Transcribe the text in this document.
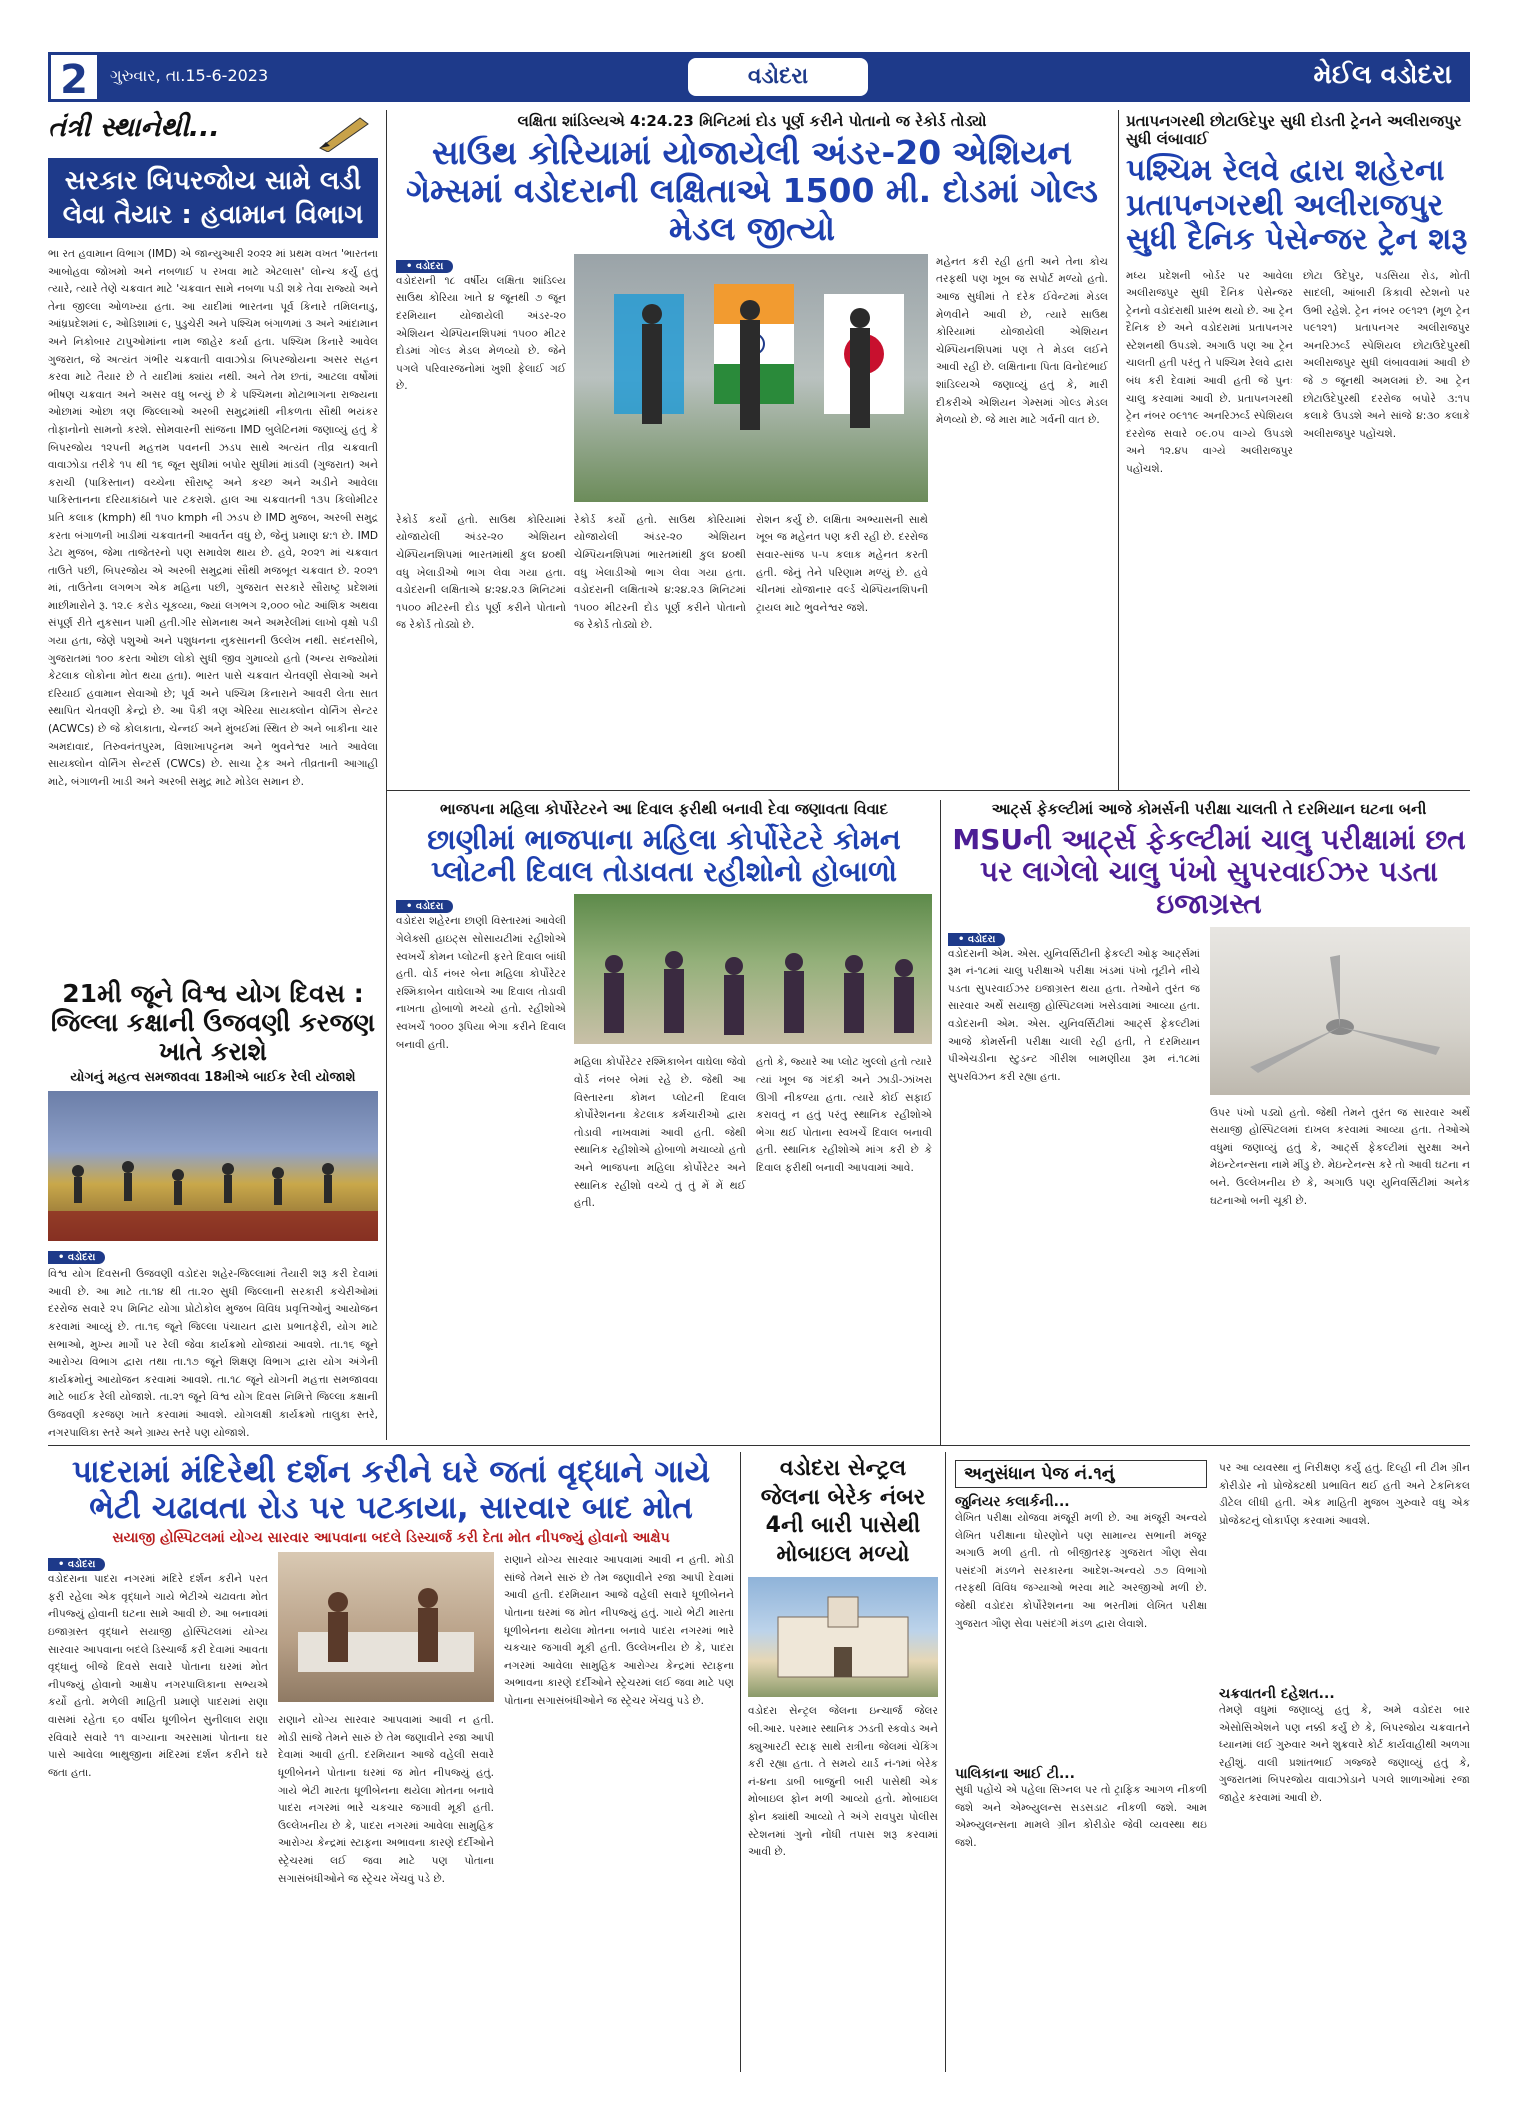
2	ગુરુવાર, તા.15-6-2023	વડોદરા	મેઈલ વડોદરા
તંત્રી સ્થાનેથી...
સરકાર બિપરજોય સામે લડી લેવા તૈયાર : હવામાન વિભાગ
ભા રત હવામાન વિભાગ (IMD) એ જાન્યુઆરી ૨૦૨૨ માં પ્રથમ વખત 'ભારતના આબોહવા જોખમો અને નબળાઈ ૫ રખવા માટે એટલાસ' લોન્ચ કર્યું હતું ત્યારે, ત્યારે તેણે ચક્રવાત માટે 'ચક્રવાત સામે નબળા પડી શકે તેવા રાજ્યો અને તેના જીલ્લા ઓળખ્યા હતા. આ યાદીમાં ભારતના પૂર્વ કિનારે તમિલનાડુ, આંધ્રપ્રદેશમાં ૯, ઓડિશામાં ૯, પુડુચેરી અને પશ્ચિમ બંગાળમાં ૩ અને આંદામાન અને નિકોબાર ટાપુઓમાંના નામ જાહેર કર્યા હતા. પશ્ચિમ કિનારે આવેલ ગુજરાત, જે અત્યંત ગંભીર ચક્રવાતી વાવાઝોડા બિપરજોયના અસર સહન કરવા માટે તૈયાર છે તે યાદીમાં ક્યાંય નથી. અને તેમ છતાં, આટલા વર્ષોમાં ભીષણ ચક્રવાત અને અસર વધુ બન્યું છે કે પશ્ચિમના મોટાભાગના રાજ્યના ઓછામાં ઓછા ત્રણ જિલ્લાઓ અરબી સમુદ્રમાંથી નીકળતા સૌથી ભયંકર તોફાનોનો સામનો કરશે. સોમવારની સાંજના IMD બુલેટિનમાં જણાવ્યું હતું કે બિપરજોય ૧૨૫ની મહત્તમ પવનની ઝડપ સાથે અત્યંત તીવ્ર ચક્રવાતી વાવાઝોડા તરીકે ૧૫ થી ૧૬ જૂન સુધીમાં બપોર સુધીમાં માંડવી (ગુજરાત) અને કરાચી (પાકિસ્તાન) વચ્ચેના સૌરાષ્ટ્ર અને કચ્છ અને અડીને આવેલા પાકિસ્તાનના દરિયાકાંઠાને પાર ટકરાશે. હાલ આ ચક્રવાતની ૧૩૫ કિલોમીટર પ્રતિ કલાક (kmph) થી ૧૫૦ kmph ની ઝડપ છે IMD મુજબ, અરબી સમુદ્ર કરતા બંગાળની ખાડીમાં ચક્રવાતની આવર્તન વધુ છે, જેનું પ્રમાણ ૪:૧ છે. IMD ડેટા મુજબ, જેમા તાજેતરનો પણ સમાવેશ થાય છે. હવે, ૨૦૨૧ માં ચક્રવાત તાઉતે પછી, બિપરજોય એ અરબી સમુદ્રમાં સૌથી મજબૂત ચક્રવાત છે. ૨૦૨૧ માં, તાઉતેના લગભગ એક મહિના પછી, ગુજરાત સરકારે સૌરાષ્ટ્ર પ્રદેશમાં માછીમારોને રૂ. ૧૨.૯ કરોડ ચૂકવ્યા, જ્યાં લગભગ ૨,૦૦૦ બોટ આંશિક અથવા સંપૂર્ણ રીતે નુકસાન પામી હતી.ગીર સોમનાથ અને અમરેલીમાં લાખો વૃક્ષો પડી ગયા હતા, જેણે પશુઓ અને પશુધનના નુકસાનની ઉલ્લેખ નથી. સદનસીબે, ગુજરાતમાં ૧૦૦ કરતા ઓછા લોકો સુધી જીવ ગુમાવ્યો હતો (અન્ય રાજ્યોમાં કેટલાક લોકોના મોત થયા હતા). ભારત પાસે ચક્રવાત ચેતવણી સેવાઓ અને દરિયાઈ હવામાન સેવાઓ છે; પૂર્વ અને પશ્ચિમ કિનારાને આવરી લેતા સાત સ્થાપિત ચેતવણી કેન્દ્રો છે. આ પૈકી ત્રણ એરિયા સાયક્લોન વોર્નિંગ સેન્ટર (ACWCs) છે જે કોલકાતા, ચેન્નઈ અને મુંબઈમાં સ્થિત છે અને બાકીના ચાર અમદાવાદ, તિરુવનંતપુરમ, વિશાખાપટ્ટનમ અને ભુવનેશ્વર ખાતે આવેલા સાયક્લોન વોર્નિંગ સેન્ટર્સ (CWCs) છે. સાચા ટ્રેક અને તીવ્રતાની આગાહી માટે, બંગાળની ખાડી અને અરબી સમુદ્ર માટે મોડેલ સમાન છે.
21મી જૂને વિશ્વ યોગ દિવસ : જિલ્લા કક્ષાની ઉજવણી કરજણ ખાતે કરાશે
યોગનું મહત્વ સમજાવવા 18મીએ બાઈક રેલી યોજાશે
• વડોદરા
વિશ્વ યોગ દિવસની ઉજવણી વડોદરા શહેર-જિલ્લામાં તૈયારી શરૂ કરી દેવામાં આવી છે. આ માટે તા.૧૪ થી તા.૨૦ સુધી જિલ્લાની સરકારી કચેરીઓમાં દરરોજ સવારે ૨૫ મિનિટ યોગા પ્રોટોકોલ મુજબ વિવિધ પ્રવૃત્તિઓનું આયોજન કરવામાં આવ્યું છે. તા.૧૬ જૂને જિલ્લા પંચાયત દ્વારા પ્રભાતફેરી, યોગ માટે સભાઓ, મુખ્ય માર્ગો પર રેલી જેવા કાર્યક્રમો યોજાયાં આવશે. તા.૧૬ જૂને આરોગ્ય વિભાગ દ્વારા તથા તા.૧૭ જૂને શિક્ષણ વિભાગ દ્વારા યોગ અંગેની કાર્યક્રમોનું આયોજન કરવામાં આવશે. તા.૧૮ જૂને યોગની મહત્તા સમજાવવા માટે બાઈક રેલી યોજાશે. તા.૨૧ જૂને વિશ્વ યોગ દિવસ નિમિત્તે જિલ્લા કક્ષાની ઉજવણી કરજણ ખાતે કરવામાં આવશે. યોગલક્ષી કાર્યક્રમો તાલુકા સ્તરે, નગરપાલિકા સ્તરે અને ગ્રામ્ય સ્તરે પણ યોજાશે.
લક્ષિતા શાંડિલ્યએ 4:24.23 મિનિટમાં દોડ પૂર્ણ કરીને પોતાનો જ રેકોર્ડ તોડ્યો
સાઉથ કોરિયામાં યોજાયેલી અંડર-20 એશિયન ગેમ્સમાં વડોદરાની લક્ષિતાએ 1500 મી. દોડમાં ગોલ્ડ મેડલ જીત્યો
• વડોદરા
વડોદરાની ૧૮ વર્ષીય લક્ષિતા શાંડિલ્ય સાઉથ કોરિયા ખાતે ૪ જૂનથી ૭ જૂન દરમિયાન યોજાયેલી અંડર-૨૦ એશિયન ચેમ્પિયનશિપમાં ૧૫૦૦ મીટર દોડમાં ગોલ્ડ મેડલ મેળવ્યો છે. જેને પગલે પરિવારજનોમાં ખુશી ફેલાઈ ગઈ છે.
મહેનત કરી રહી હતી અને તેના કોચ તરફથી પણ ખૂબ જ સપોર્ટ મળ્યો હતો. આજ સુધીમાં તે દરેક ઈવેન્ટમાં મેડલ મેળવીને આવી છે, ત્યારે સાઉથ કોરિયામાં યોજાયેલી એશિયન ચેમ્પિયનશિપમાં પણ તે મેડલ લઈને આવી રહી છે. લક્ષિતાના પિતા વિનોદભાઈ શાંડિલ્યએ જણાવ્યું હતું કે, મારી દીકરીએ એશિયન ગેમ્સમાં ગોલ્ડ મેડલ મેળવ્યો છે. જે મારા માટે ગર્વની વાત છે.
રેકોર્ડ કર્યો હતો. સાઉથ કોરિયામાં યોજાયેલી અંડર-૨૦ એશિયન ચેમ્પિયનશિપમાં ભારતમાંથી કુલ ૪૦થી વધુ ખેલાડીઓ ભાગ લેવા ગયા હતા. વડોદરાની લક્ષિતાએ ૪:૨૪.૨૩ મિનિટમાં ૧૫૦૦ મીટરની દોડ પૂર્ણ કરીને પોતાનો જ રેકોર્ડ તોડ્યો છે.
રેકોર્ડ કર્યો હતો. સાઉથ કોરિયામાં યોજાયેલી અંડર-૨૦ એશિયન ચેમ્પિયનશિપમાં ભારતમાંથી કુલ ૪૦થી વધુ ખેલાડીઓ ભાગ લેવા ગયા હતા. વડોદરાની લક્ષિતાએ ૪:૨૪.૨૩ મિનિટમાં ૧૫૦૦ મીટરની દોડ પૂર્ણ કરીને પોતાનો જ રેકોર્ડ તોડ્યો છે.
રોશન કર્યું છે. લક્ષિતા અભ્યાસની સાથે ખૂબ જ મહેનત પણ કરી રહી છે. દરરોજ સવાર-સાંજ ૫-૫ કલાક મહેનત કરતી હતી. જેનું તેને પરિણામ મળ્યું છે. હવે ચીનમાં યોજાનાર વર્લ્ડ ચેમ્પિયનશિપની ટ્રાયલ માટે ભુવનેશ્વર જશે.
પ્રતાપનગરથી છોટાઉદેપુર સુધી દોડતી ટ્રેનને અલીરાજપુર સુધી લંબાવાઈ
પશ્ચિમ રેલવે દ્વારા શહેરના પ્રતાપનગરથી અલીરાજપુર સુધી દૈનિક પેસેન્જર ટ્રેન શરૂ
મધ્ય પ્રદેશની બોર્ડર પર આવેલા અલીરાજપુર સુધી દૈનિક પેસેન્જર ટ્રેનનો વડોદરાથી પ્રારંભ થયો છે. આ ટ્રેન દૈનિક છે અને વડોદરામાં પ્રતાપનગર સ્ટેશનથી ઉપડશે. અગાઉ પણ આ ટ્રેન ચાલતી હતી પરંતુ તે પશ્ચિમ રેલવે દ્વારા બંધ કરી દેવામાં આવી હતી જે પુનઃ ચાલુ કરવામાં આવી છે. પ્રતાપનગરથી ટ્રેન નંબર ૦૯૧૧૯ અનરિઝર્વ્ડ સ્પેશિયલ દરરોજ સવારે ૦૯.૦૫ વાગ્યે ઉપડશે અને ૧૨.૪૫ વાગ્યે અલીરાજપુર પહોંચશે.
છોટા ઉદેપુર, પડસિયા રોડ, મોતી સાદલી, આંબારી કિકાવી સ્ટેશનો પર ઉભી રહેશે. ટ્રેન નંબર ૦૯૧૨૧ (મૂળ ટ્રેન ૫૯૧૨૧) પ્રતાપનગર અલીરાજપુર અનરિઝર્વ્ડ સ્પેશિયલ છોટાઉદેપુરથી અલીરાજપુર સુધી લંબાવવામાં આવી છે જે ૭ જૂનથી અમલમાં છે. આ ટ્રેન છોટાઉદેપુરથી દરરોજ બપોરે ૩:૧૫ કલાકે ઉપડશે અને સાંજે ૪:૩૦ કલાકે અલીરાજપુર પહોંચશે.
ભાજપના મહિલા કોર્પોરેટરને આ દિવાલ ફરીથી બનાવી દેવા જણાવતા વિવાદ
છાણીમાં ભાજપાના મહિલા કોર્પોરેટરે કોમન પ્લોટની દિવાલ તોડાવતા રહીશોનો હોબાળો
• વડોદરા
વડોદરા શહેરના છાણી વિસ્તારમાં આવેલી ગેલેક્સી હાઇટ્સ સોસાયટીમાં રહીશોએ સ્વખર્ચે કોમન પ્લોટની ફરતે દિવાલ બાંધી હતી. વોર્ડ નંબર બેના મહિલા કોર્પોરેટર રશ્મિકાબેન વાઘેલાએ આ દિવાલ તોડાવી નાખતા હોબાળો મચ્યો હતો. રહીશોએ સ્વખર્ચે ૧૦૦૦ રૂપિયા ભેગા કરીને દિવાલ બનાવી હતી.
મહિલા કોર્પોરેટર રશ્મિકાબેન વાઘેલા જેવો વોર્ડ નંબર બેમાં રહે છે. જેથી આ વિસ્તારના કોમન પ્લોટની દિવાલ કોર્પોરેશનના કેટલાક કર્મચારીઓ દ્વારા તોડાવી નાખવામાં આવી હતી. જેથી સ્થાનિક રહીશોએ હોબાળો મચાવ્યો હતો અને ભાજપના મહિલા કોર્પોરેટર અને સ્થાનિક રહીશો વચ્ચે તું તું મેં મેં થઈ હતી.
હતો કે, જ્યારે આ પ્લોટ ખુલ્લો હતો ત્યારે ત્યાં ખૂબ જ ગંદકી અને ઝાડી-ઝાંખરા ઊગી નીકળ્યા હતા. ત્યારે કોઈ સફાઈ કરાવતું ન હતું પરંતુ સ્થાનિક રહીશોએ ભેગા થઈ પોતાના સ્વખર્ચે દિવાલ બનાવી હતી. સ્થાનિક રહીશોએ માંગ કરી છે કે દિવાલ ફરીથી બનાવી આપવામાં આવે.
આર્ટ્સ ફેકલ્ટીમાં આજે કોમર્સની પરીક્ષા ચાલતી તે દરમિયાન ઘટના બની
MSUની આર્ટ્સ ફેકલ્ટીમાં ચાલુ પરીક્ષામાં છત પર લાગેલો ચાલુ પંખો સુપરવાઈઝર પડતા ઇજાગ્રસ્ત
• વડોદરા
વડોદરાની એમ. એસ. યુનિવર્સિટીની ફેકલ્ટી ઓફ આર્ટ્સમાં રૂમ નં-૧૮માં ચાલુ પરીક્ષાએ પરીક્ષા ખંડમાં પંખો તૂટીને નીચે પડતા સુપરવાઈઝર ઇજાગ્રસ્ત થયા હતા. તેઓને તુરંત જ સારવાર અર્થે સયાજી હોસ્પિટલમાં ખસેડવામાં આવ્યા હતા. વડોદરાની એમ. એસ. યુનિવર્સિટીમાં આર્ટ્સ ફેકલ્ટીમાં આજે કોમર્સની પરીક્ષા ચાલી રહી હતી, તે દરમિયાન પીએચડીના સ્ટુડન્ટ ગીરીશ બામણીયા રૂમ નં.૧૮માં સુપરવિઝન કરી રહ્યા હતા.
ઉપર પંખો પડ્યો હતો. જેથી તેમને તુરંત જ સારવાર અર્થે સયાજી હોસ્પિટલમાં દાખલ કરવામાં આવ્યા હતા. તેઓએ વધુમાં જણાવ્યું હતું કે, આર્ટ્સ ફેકલ્ટીમાં સુરક્ષા અને મેઇન્ટેનન્સના નામે મીંડુ છે. મેઇન્ટેનન્સ કરે તો આવી ઘટના ન બને. ઉલ્લેખનીય છે કે, અગાઉ પણ યુનિવર્સિટીમાં અનેક ઘટનાઓ બની ચૂકી છે.
પાદરામાં મંદિરેથી દર્શન કરીને ઘરે જતાં વૃદ્ધાને ગાયે ભેટી ચઢાવતા રોડ પર પટકાયા, સારવાર બાદ મોત
સયાજી હોસ્પિટલમાં યોગ્ય સારવાર આપવાના બદલે ડિસ્ચાર્જ કરી દેતા મોત નીપજ્યું હોવાનો આક્ષેપ
• વડોદરા
વડોદરાના પાદરા નગરમાં મંદિરે દર્શન કરીને પરત ફરી રહેલા એક વૃદ્ધાને ગાયે ભેટીએ ચઢાવતા મોત નીપજ્યું હોવાની ઘટના સામે આવી છે. આ બનાવમાં ઇજાગ્રસ્ત વૃદ્ધાને સયાજી હોસ્પિટલમાં યોગ્ય સારવાર આપવાના બદલે ડિસ્ચાર્જ કરી દેવામાં આવતા વૃદ્ધાનું બીજે દિવસે સવારે પોતાના ઘરમાં મોત નીપજ્યું હોવાનો આક્ષેપ નગરપાલિકાના સભ્યએ કર્યો હતો. મળેલી માહિતી પ્રમાણે પાદરામાં રાણા વાસમાં રહેતા ૬૦ વર્ષીય ધૂળીબેન સુનીલાલ રાણા રવિવારે સવારે ૧૧ વાગ્યાના અરસામાં પોતાના ઘર પાસે આવેલા ભાથુજીના મંદિરમાં દર્શન કરીને ઘરે જતા હતા.
રાણાને યોગ્ય સારવાર આપવામાં આવી ન હતી. મોડી સાંજે તેમને સારું છે તેમ જણાવીને રજા આપી દેવામાં આવી હતી. દરમિયાન આજે વહેલી સવારે ધૂળીબેનને પોતાના ઘરમાં જ મોત નીપજ્યું હતું. ગાયે ભેટી મારતા ધૂળીબેનના થયેલા મોતના બનાવે પાદરા નગરમાં ભારે ચકચાર જગાવી મૂકી હતી. ઉલ્લેખનીય છે કે, પાદરા નગરમાં આવેલા સામુહિક આરોગ્ય કેન્દ્રમાં સ્ટાફના અભાવના કારણે દર્દીઓને સ્ટ્રેચરમાં લઈ જવા માટે પણ પોતાના સગાસંબંધીઓને જ સ્ટ્રેચર ખેંચવું પડે છે.
રાણાને યોગ્ય સારવાર આપવામાં આવી ન હતી. મોડી સાંજે તેમને સારું છે તેમ જણાવીને રજા આપી દેવામાં આવી હતી. દરમિયાન આજે વહેલી સવારે ધૂળીબેનને પોતાના ઘરમાં જ મોત નીપજ્યું હતું. ગાયે ભેટી મારતા ધૂળીબેનના થયેલા મોતના બનાવે પાદરા નગરમાં ભારે ચકચાર જગાવી મૂકી હતી. ઉલ્લેખનીય છે કે, પાદરા નગરમાં આવેલા સામુહિક આરોગ્ય કેન્દ્રમાં સ્ટાફના અભાવના કારણે દર્દીઓને સ્ટ્રેચરમાં લઈ જવા માટે પણ પોતાના સગાસંબંધીઓને જ સ્ટ્રેચર ખેંચવું પડે છે.
વડોદરા સેન્ટ્રલ જેલના બેરેક નંબર 4ની બારી પાસેથી મોબાઇલ મળ્યો
વડોદરા સેન્ટ્રલ જેલના ઇન્ચાર્જ જેલર બી.આર. પરમાર સ્થાનિક ઝડતી સ્કવોડ અને ક્યુઆરટી સ્ટાફ સાથે રાત્રીના જેલમાં ચેકિંગ કરી રહ્યા હતા. તે સમયે યાર્ડ નં-૧માં બેરેક નં-૪ના ડાબી બાજુની બારી પાસેથી એક મોબાઇલ ફોન મળી આવ્યો હતો. મોબાઇલ ફોન ક્યાંથી આવ્યો તે અંગે રાવપુરા પોલીસ સ્ટેશનમાં ગુનો નોંધી તપાસ શરૂ કરવામાં આવી છે.
અનુસંધાન પેજ નં.૧નું
જુનિયર કલાર્કની...
લેખિત પરીક્ષા યોજવા મંજૂરી મળી છે. આ મંજૂરી અન્વયે લેખિત પરીક્ષાના ધોરણોને પણ સામાન્ય સભાની મંજૂર અગાઉ મળી હતી. તો બીજીતરફ ગુજરાત ગૌણ સેવા પસંદગી મંડળને સરકારના આદેશ-અન્વયે ૭૭ વિભાગો તરફથી વિવિધ જગ્યાઓ ભરવા માટે અરજીઓ મળી છે. જેથી વડોદરા કોર્પોરેશનના આ ભરતીમાં લેખિત પરીક્ષા ગુજરાત ગૌણ સેવા પસંદગી મંડળ દ્વારા લેવાશે.
પાલિકાના આઈ ટી...
સુધી પહોંચે એ પહેલા સિગ્નલ પર તો ટ્રાફિક આગળ નીકળી જશે અને એમ્બ્યુલન્સ સડસડાટ નીકળી જશે. આમ એમ્બ્યુલન્સના મામલે ગ્રીન કોરીડોર જેવી વ્યવસ્થા થઇ જશે.
પર આ વ્યવસ્થા નું નિરીક્ષણ કર્યું હતું. દિલ્હી ની ટીમ ગ્રીન કોરીડોર નો પ્રોજેક્ટથી પ્રભાવિત થઈ હતી અને ટેકનિકલ ડીટેલ લીધી હતી. એક માહિતી મુજબ ગુરુવારે વધુ એક પ્રોજેક્ટનું લોકાર્પણ કરવામાં આવશે.
ચક્રવાતની દહેશત...
તેમણે વધુમાં જણાવ્યું હતું કે, અમે વડોદરા બાર એસોસિએશને પણ નક્કી કર્યું છે કે, બિપરજોય ચક્રવાતને ધ્યાનમાં લઈ ગુરુવાર અને શુક્રવારે કોર્ટ કાર્યવાહીથી અળગા રહીશું. વાલી પ્રશાંતભાઈ ગજ્જરે જણાવ્યું હતું કે, ગુજરાતમાં બિપરજોય વાવાઝોડાને પગલે શાળાઓમાં રજા જાહેર કરવામાં આવી છે.
